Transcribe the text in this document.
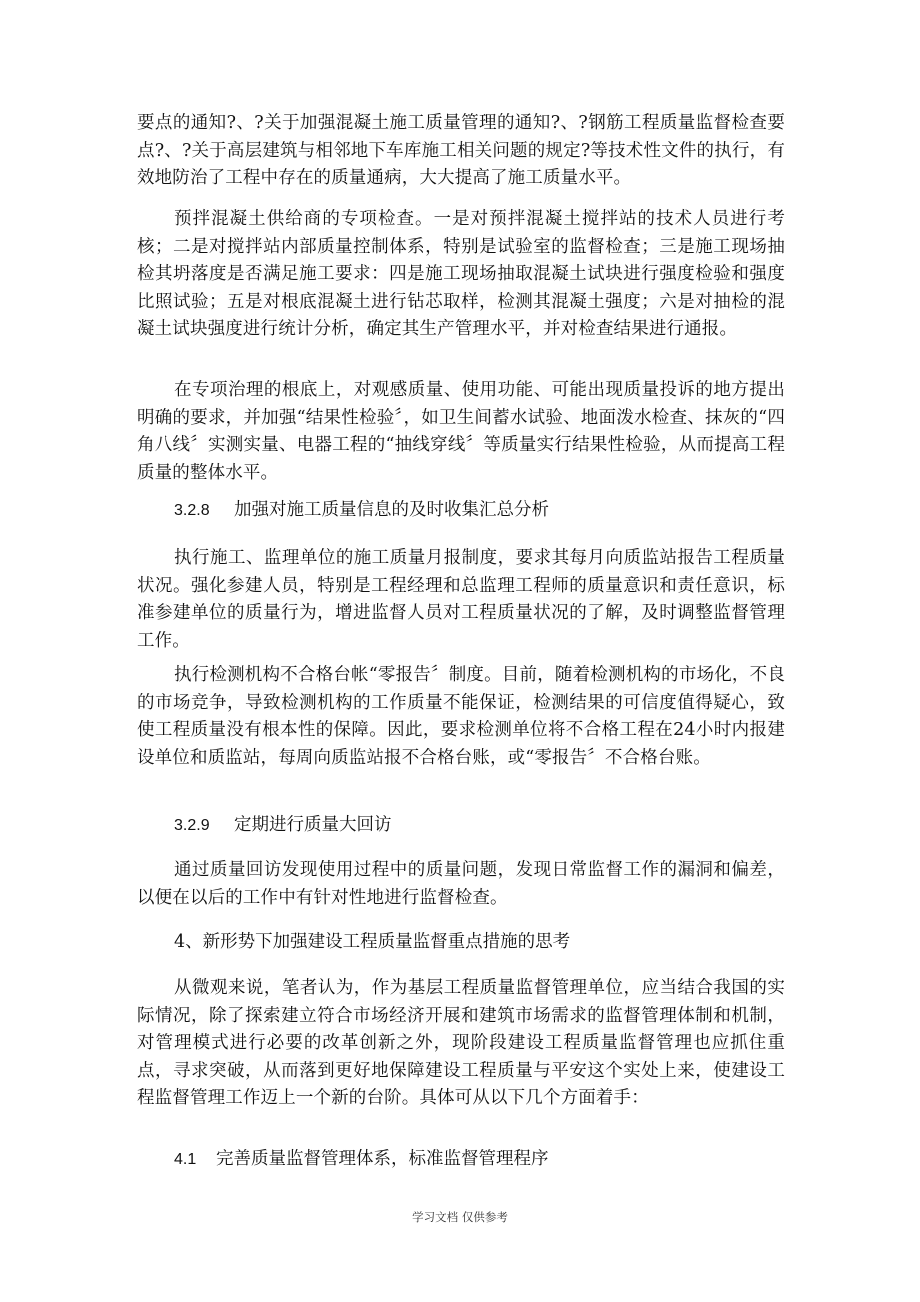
要点的通知?、?关于加强混凝土施工质量管理的通知?、?钢筋工程质量监督检查要点?、?关于高层建筑与相邻地下车库施工相关问题的规定?等技术性文件的执行，有效地防治了工程中存在的质量通病，大大提高了施工质量水平。

预拌混凝土供给商的专项检查。一是对预拌混凝土搅拌站的技术人员进行考核；二是对搅拌站内部质量控制体系，特别是试验室的监督检查；三是施工现场抽检其坍落度是否满足施工要求：四是施工现场抽取混凝土试块进行强度检验和强度比照试验；五是对根底混凝土进行钻芯取样，检测其混凝土强度；六是对抽检的混凝土试块强度进行统计分析，确定其生产管理水平，并对检查结果进行通报。

在专项治理的根底上，对观感质量、使用功能、可能出现质量投诉的地方提出明确的要求，并加强“结果性检验〞，如卫生间蓄水试验、地面泼水检查、抹灰的“四角八线〞实测实量、电器工程的“抽线穿线〞等质量实行结果性检验，从而提高工程质量的整体水平。

3.2.8 加强对施工质量信息的及时收集汇总分析

执行施工、监理单位的施工质量月报制度，要求其每月向质监站报告工程质量状况。强化参建人员，特别是工程经理和总监理工程师的质量意识和责任意识，标准参建单位的质量行为，增进监督人员对工程质量状况的了解，及时调整监督管理工作。

执行检测机构不合格台帐“零报告〞制度。目前，随着检测机构的市场化，不良的市场竞争，导致检测机构的工作质量不能保证，检测结果的可信度值得疑心，致使工程质量没有根本性的保障。因此，要求检测单位将不合格工程在24小时内报建设单位和质监站，每周向质监站报不合格台账，或“零报告〞不合格台账。

3.2.9 定期进行质量大回访

通过质量回访发现使用过程中的质量问题，发现日常监督工作的漏洞和偏差，以便在以后的工作中有针对性地进行监督检查。

4、新形势下加强建设工程质量监督重点措施的思考

从微观来说，笔者认为，作为基层工程质量监督管理单位，应当结合我国的实际情况，除了探索建立符合市场经济开展和建筑市场需求的监督管理体制和机制，对管理模式进行必要的改革创新之外，现阶段建设工程质量监督管理也应抓住重点，寻求突破，从而落到更好地保障建设工程质量与平安这个实处上来，使建设工程监督管理工作迈上一个新的台阶。具体可从以下几个方面着手：

4.1 完善质量监督管理体系，标准监督管理程序
学习文档 仅供参考
